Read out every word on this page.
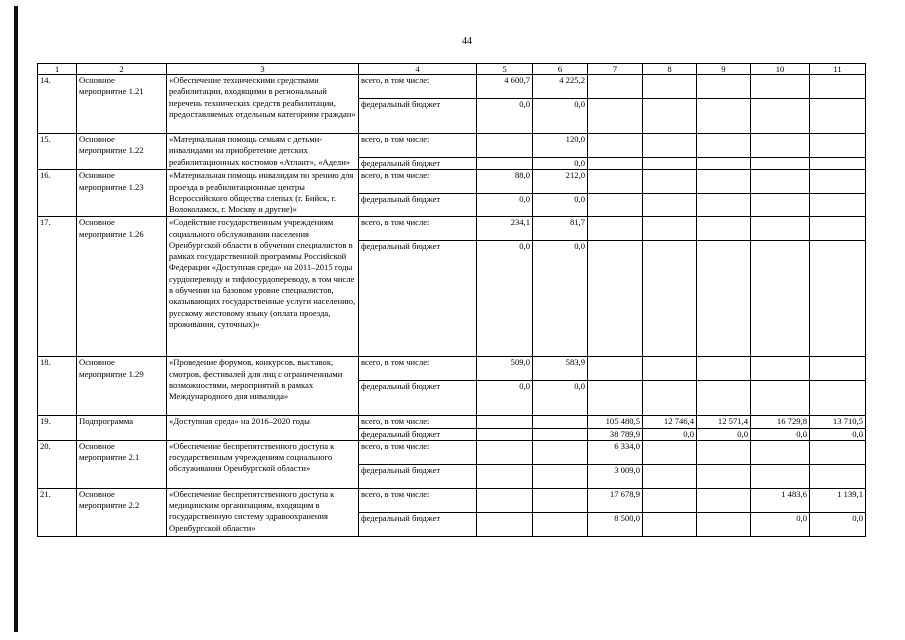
44
1	2	3	4	5	6	7	8	9	10	11
14.	Основное мероприятие 1.21	«Обеспечение техническими средствами реабилитации, входящими в региональный перечень технических средств реабилитации, предоставляемых отдельным категориям граждан»	всего, в том числе:	4 600,7	4 225,2					
			федеральный бюджет	0,0	0,0					
15.	Основное мероприятие 1.22	«Материальная помощь семьям с детьми-инвалидами на приобретение детских реабилитационных костюмов «Атлант», «Адели»	всего, в том числе:		120,0					
			федеральный бюджет		0,0					
16.	Основное мероприятие 1.23	«Материальная помощь инвалидам по зрению для проезда в реабилитационные центры Всероссийского общества слепых (г. Бийск, г. Волоколамск, г. Москву и другие)»	всего, в том числе:	88,0	212,0					
			федеральный бюджет	0,0	0,0					
17.	Основное мероприятие 1.26	«Содействие государственным учреждениям социального обслуживания населения Оренбургской области в обучении специалистов в рамках государственной программы Российской Федерации «Доступная среда» на 2011–2015 годы сурдопереводу и тифлосурдопереводу, в том числе в обучении на базовом уровне специалистов, оказывающих государственные услуги населению, русскому жестовому языку (оплата проезда, проживания, суточных)»	всего, в том числе:	234,1	81,7					
			федеральный бюджет	0,0	0,0					
18.	Основное мероприятие 1.29	«Проведение форумов, конкурсов, выставок, смотров, фестивалей для лиц с ограниченными возможностями, мероприятий в рамках Международного дня инвалида»	всего, в том числе:	509,0	583,9					
			федеральный бюджет	0,0	0,0					
19.	Подпрограмма	«Доступная среда» на 2016–2020 годы	всего, в том числе:			105 480,5	12 746,4	12 571,4	16 729,8	13 710,5
			федеральный бюджет			38 789,9	0,0	0,0	0,0	0,0
20.	Основное мероприятие 2.1	«Обеспечение беспрепятственного доступа к государственным учреждениям социального обслуживания Оренбургской области»	всего, в том числе:			6 334,0				
			федеральный бюджет			3 009,0				
21.	Основное мероприятие 2.2	«Обеспечение беспрепятственного доступа к медицинским организациям, входящим в государственную систему здравоохранения Оренбургской области»	всего, в том числе:			17 678,9			1 483,6	1 139,1
			федеральный бюджет			8 500,0			0,0	0,0
